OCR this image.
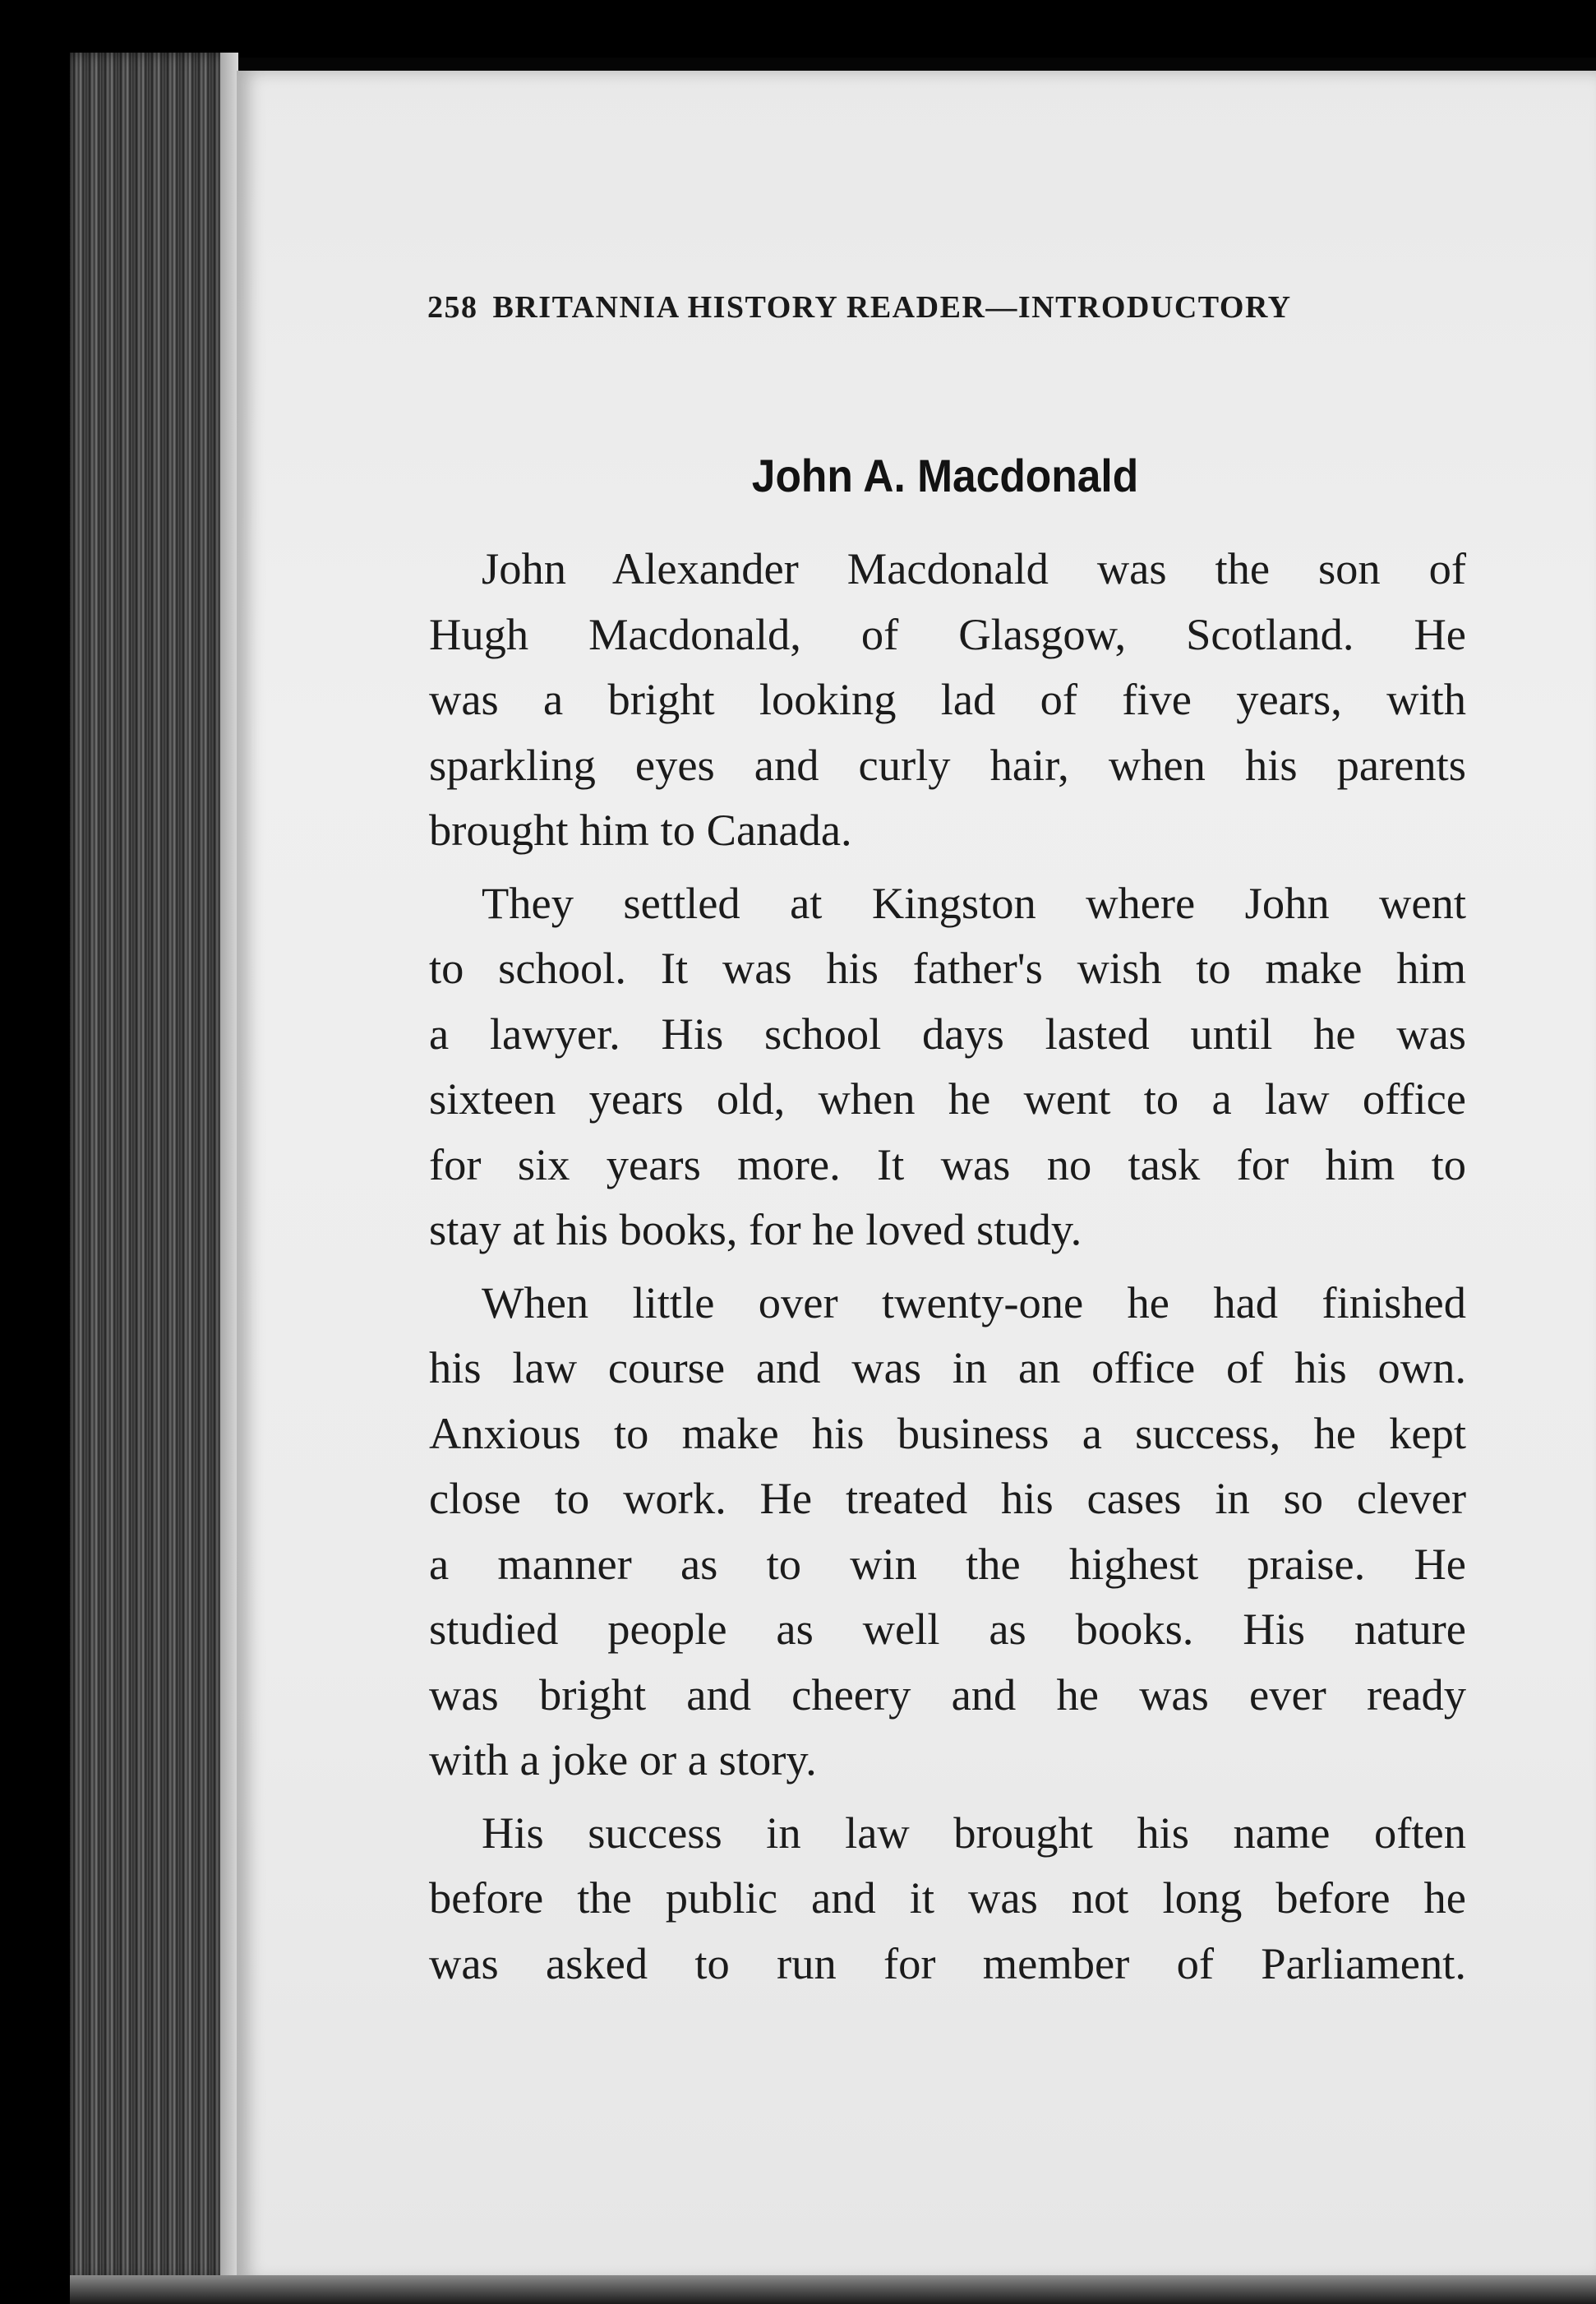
258 BRITANNIA HISTORY READER—INTRODUCTORY
John A. Macdonald

John Alexander Macdonald was the son of
Hugh Macdonald, of Glasgow, Scotland. He
was a bright looking lad of five years, with
sparkling eyes and curly hair, when his parents
brought him to Canada.

They settled at Kingston where John went
to school. It was his father's wish to make him
a lawyer. His school days lasted until he was
sixteen years old, when he went to a law office
for six years more. It was no task for him to
stay at his books, for he loved study.

When little over twenty-one he had finished
his law course and was in an office of his own.
Anxious to make his business a success, he kept
close to work. He treated his cases in so clever
a manner as to win the highest praise. He
studied people as well as books. His nature
was bright and cheery and he was ever ready
with a joke or a story.

His success in law brought his name often
before the public and it was not long before he
was asked to run for member of Parliament.
